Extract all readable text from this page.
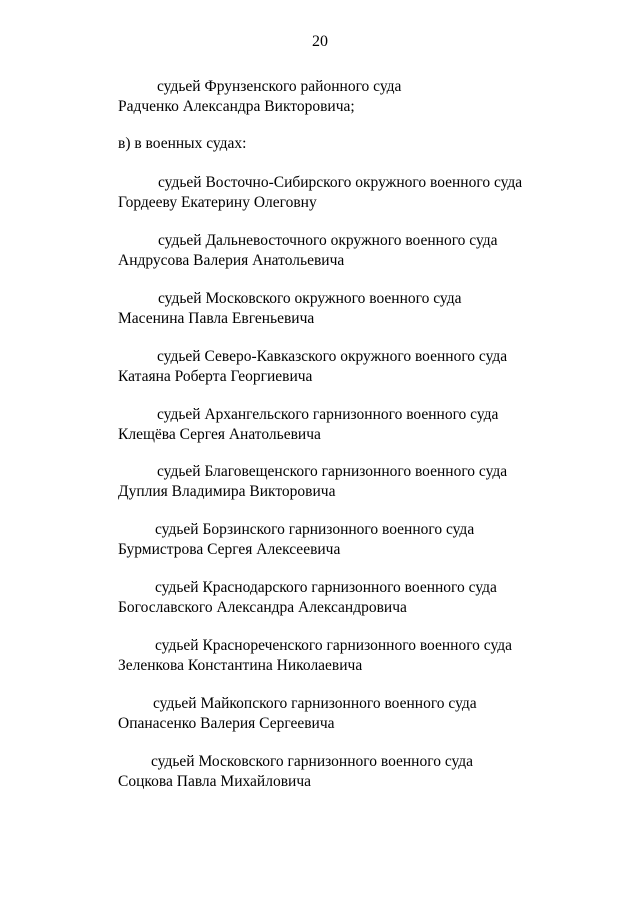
20
судьей Фрунзенского районного суда
Радченко Александра Викторовича;
в) в военных судах:
судьей Восточно-Сибирского окружного военного суда
Гордееву Екатерину Олеговну
судьей Дальневосточного окружного военного суда
Андрусова Валерия Анатольевича
судьей Московского окружного военного суда
Масенина Павла Евгеньевича
судьей Северо-Кавказского окружного военного суда
Катаяна Роберта Георгиевича
судьей Архангельского гарнизонного военного суда
Клещёва Сергея Анатольевича
судьей Благовещенского гарнизонного военного суда
Дуплия Владимира Викторовича
судьей Борзинского гарнизонного военного суда
Бурмистрова Сергея Алексеевича
судьей Краснодарского гарнизонного военного суда
Богославского Александра Александровича
судьей Краснореченского гарнизонного военного суда
Зеленкова Константина Николаевича
судьей Майкопского гарнизонного военного суда
Опанасенко Валерия Сергеевича
судьей Московского гарнизонного военного суда
Соцкова Павла Михайловича
